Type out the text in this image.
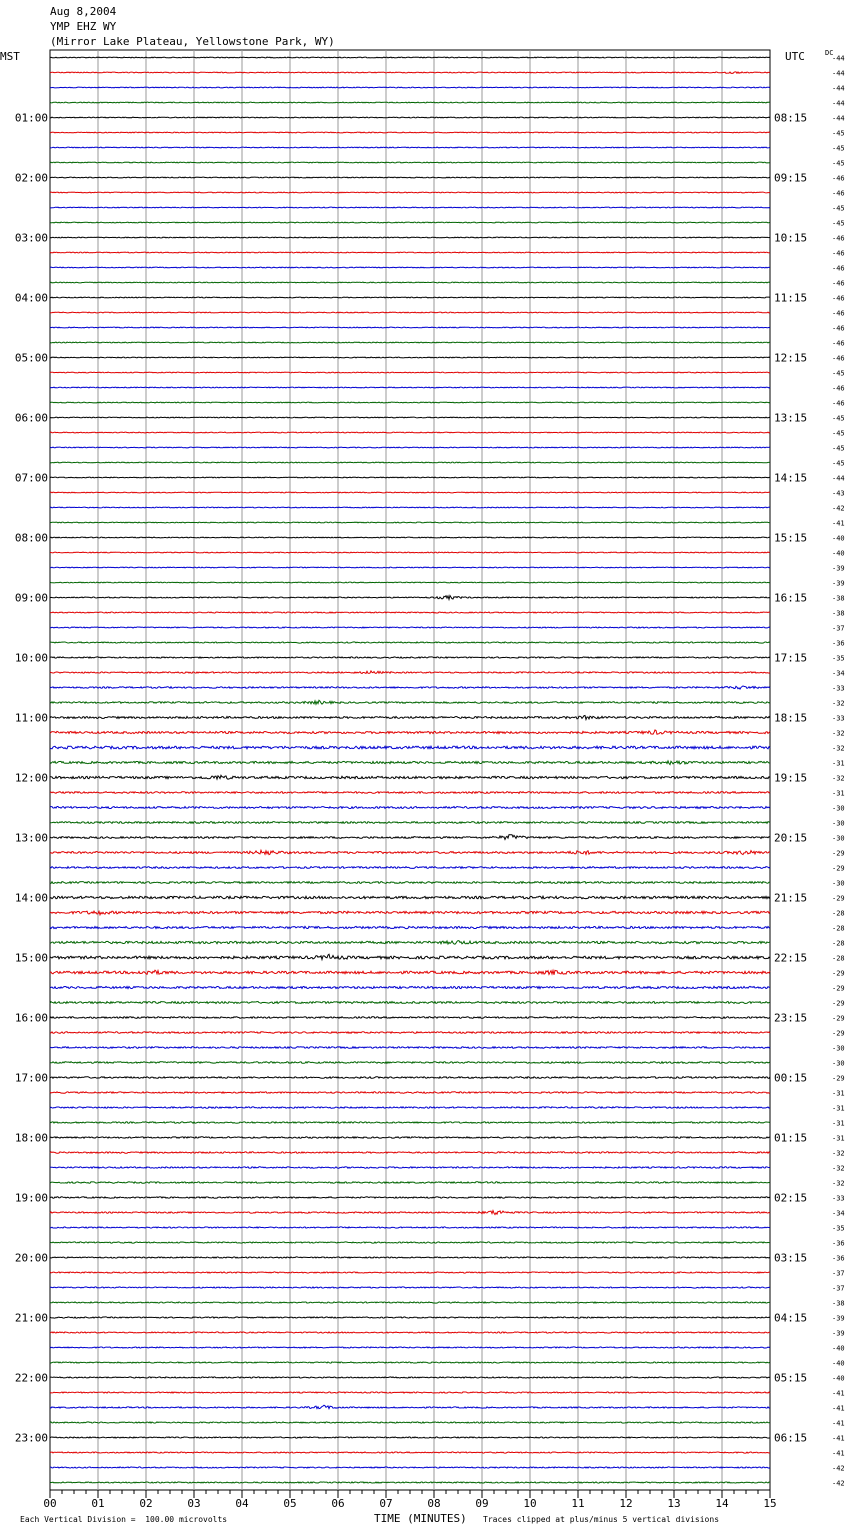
Aug 8,2004
YMP EHZ WY
(Mirror Lake Plateau, Yellowstone Park, WY)
MST	UTC	DC
00	01	02	03	04	05	06	07	08	09	10	11	12	13	14	15
-44
-44
-44
-44
-44
01:00	08:15
-45
-45
-45
-46
02:00	09:15
-46
-45
-45
-46
03:00	10:15
-46
-46
-46
-46
04:00	11:15
-46
-46
-46
-46
05:00	12:15
-45
-46
-46
-45
06:00	13:15
-45
-45
-45
-44
07:00	14:15
-43
-42
-41
-40
08:00	15:15
-40
-39
-39
-38
09:00	16:15
-38
-37
-36
-35
10:00	17:15
-34
-33
-32
-33
11:00	18:15
-32
-32
-31
-32
12:00	19:15
-31
-30
-30
-30
13:00	20:15
-29
-29
-30
-29
14:00	21:15
-28
-28
-28
-28
15:00	22:15
-29
-29
-29
-29
16:00	23:15
-29
-30
-30
-29
17:00	00:15
-31
-31
-31
-31
18:00	01:15
-32
-32
-32
-33
19:00	02:15
-34
-35
-36
-36
20:00	03:15
-37
-37
-38
-39
21:00	04:15
-39
-40
-40
-40
22:00	05:15
-41
-41
-41
-41
23:00	06:15
-41
-42
-42
Each Vertical Division =  100.00 microvolts	TIME (MINUTES) Traces clipped at plus/minus 5 vertical divisions
